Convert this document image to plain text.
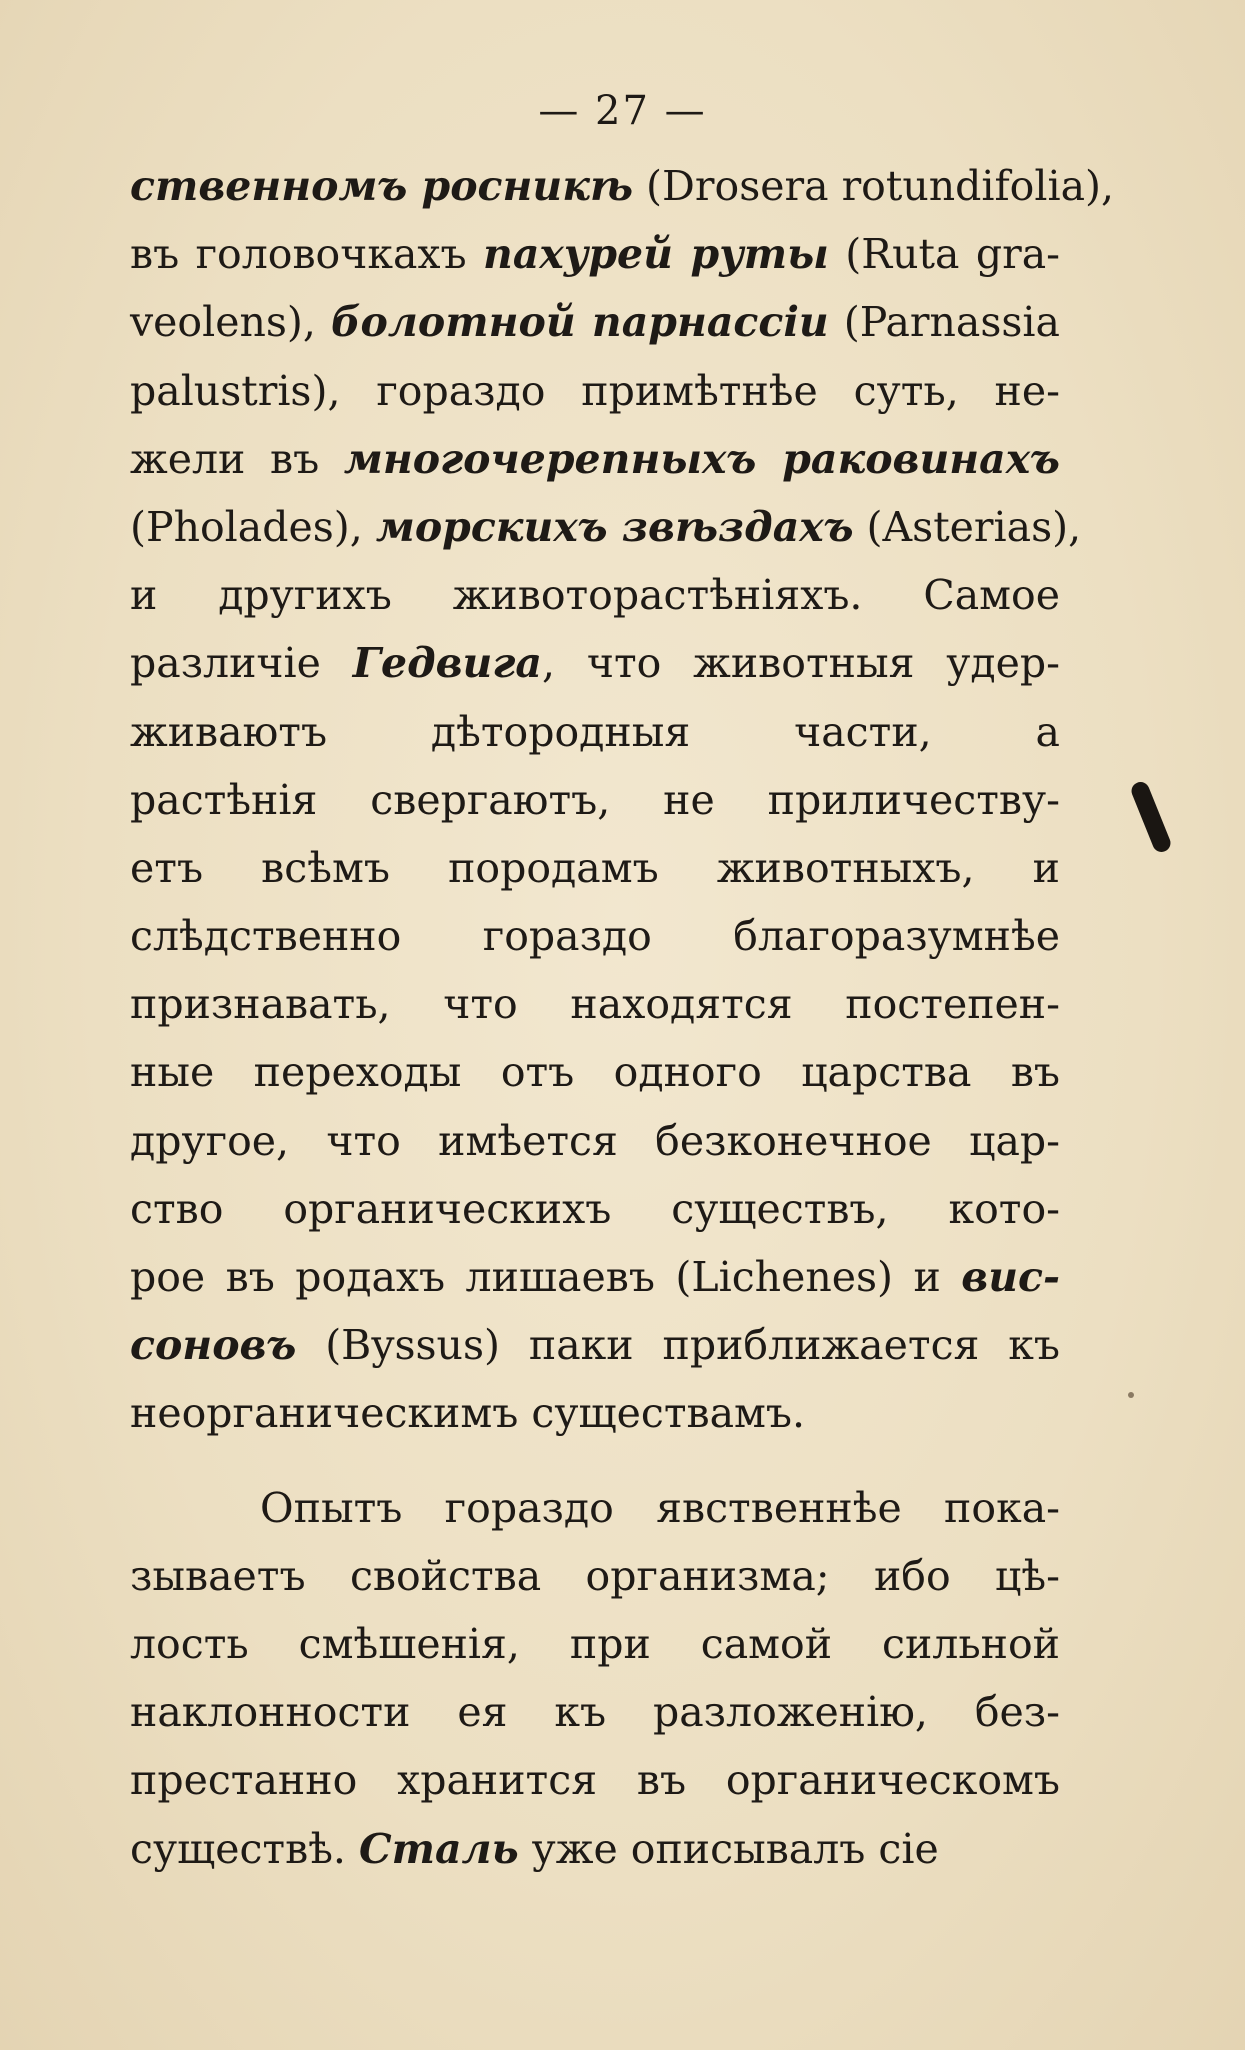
— 27 —
ственномъ росникѣ (Drosera rotundifolia),
въ головочкахъ пахурей руты (Ruta gra-
veolens), болотной парнассіи (Parnassia
palustris), гораздо примѣтнѣе суть, не-
жели въ многочерепныхъ раковинахъ
(Pholades), морскихъ звѣздахъ (Asterias),
и другихъ животорастѣніяхъ. Самое
различіе Гедвига, что животныя удер-
живаютъ дѣтородныя части, а
растѣнія свергаютъ, не приличеству-
етъ всѣмъ породамъ животныхъ, и
слѣдственно гораздо благоразумнѣе
признавать, что находятся постепен-
ные переходы отъ одного царства въ
другое, что имѣется безконечное цар-
ство органическихъ существъ, кото-
рое въ родахъ лишаевъ (Lichenes) и вис-
соновъ (Byssus) паки приближается къ
неорганическимъ существамъ.
Опытъ гораздо явственнѣе пока-
зываетъ свойства организма; ибо цѣ-
лость смѣшенія, при самой сильной
наклонности ея къ разложенію, без-
престанно хранится въ органическомъ
существѣ. Сталь уже описывалъ сіе
